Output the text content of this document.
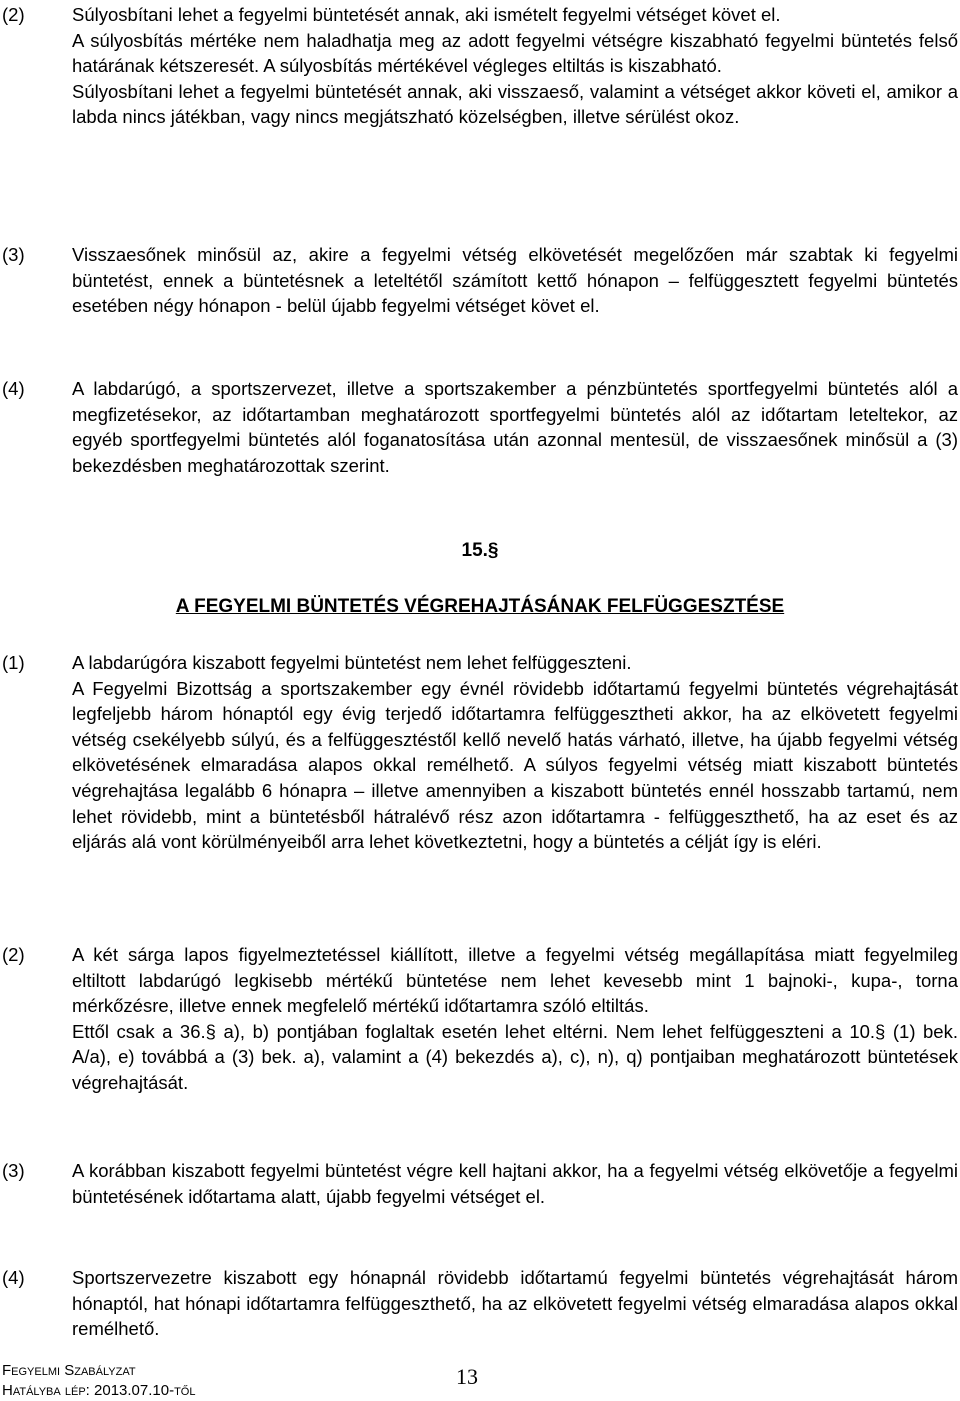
(2)	Súlyosbítani lehet a fegyelmi büntetését annak, aki ismételt fegyelmi vétséget követ el.

A súlyosbítás mértéke nem haladhatja meg az adott fegyelmi vétségre kiszabható fegyelmi büntetés felső határának kétszeresét. A súlyosbítás mértékével végleges eltiltás is kiszabható.

Súlyosbítani lehet a fegyelmi büntetését annak, aki visszaeső, valamint a vétséget akkor követi el, amikor a labda nincs játékban, vagy nincs megjátszható közelségben, illetve sérülést okoz.

(3)	Visszaesőnek minősül az, akire a fegyelmi vétség elkövetését megelőzően már szabtak ki fegyelmi büntetést, ennek a büntetésnek a leteltétől számított kettő hónapon – felfüggesztett fegyelmi büntetés esetében négy hónapon - belül újabb fegyelmi vétséget követ el.

(4)	A labdarúgó, a sportszervezet, illetve a sportszakember a pénzbüntetés sportfegyelmi büntetés alól a megfizetésekor, az időtartamban meghatározott sportfegyelmi büntetés alól az időtartam leteltekor, az egyéb sportfegyelmi büntetés alól foganatosítása után azonnal mentesül, de visszaesőnek minősül a (3) bekezdésben meghatározottak szerint.

15.§
A FEGYELMI BÜNTETÉS VÉGREHAJTÁSÁNAK FELFÜGGESZTÉSE
(1)	A labdarúgóra kiszabott fegyelmi büntetést nem lehet felfüggeszteni.

A Fegyelmi Bizottság a sportszakember egy évnél rövidebb időtartamú fegyelmi büntetés végrehajtását legfeljebb három hónaptól egy évig terjedő időtartamra felfüggesztheti akkor, ha az elkövetett fegyelmi vétség csekélyebb súlyú, és a felfüggesztéstől kellő nevelő hatás várható, illetve, ha újabb fegyelmi vétség elkövetésének elmaradása alapos okkal remélhető. A súlyos fegyelmi vétség miatt kiszabott büntetés végrehajtása legalább 6 hónapra – illetve amennyiben a kiszabott büntetés ennél hosszabb tartamú, nem lehet rövidebb, mint a büntetésből hátralévő rész azon időtartamra - felfüggeszthető, ha az eset és az eljárás alá vont körülményeiből arra lehet következtetni, hogy a büntetés a célját így is eléri.

(2)	A két sárga lapos figyelmeztetéssel kiállított, illetve a fegyelmi vétség megállapítása miatt fegyelmileg eltiltott labdarúgó legkisebb mértékű büntetése nem lehet kevesebb mint 1 bajnoki-, kupa-, torna mérkőzésre, illetve ennek megfelelő mértékű időtartamra szóló eltiltás.

Ettől csak a 36.§ a), b) pontjában foglaltak esetén lehet eltérni. Nem lehet felfüggeszteni a 10.§ (1) bek. A/a), e) továbbá a (3) bek. a), valamint a (4) bekezdés a), c), n), q) pontjaiban meghatározott büntetések végrehajtását.

(3)	A korábban kiszabott fegyelmi büntetést végre kell hajtani akkor, ha a fegyelmi vétség elkövetője a fegyelmi büntetésének időtartama alatt, újabb fegyelmi vétséget el.

(4)	Sportszervezetre kiszabott egy hónapnál rövidebb időtartamú fegyelmi büntetés végrehajtását három hónaptól, hat hónapi időtartamra felfüggeszthető, ha az elkövetett fegyelmi vétség elmaradása alapos okkal remélhető.

Fegyelmi Szabályzat
Hatályba lép: 2013.07.10-től
13
